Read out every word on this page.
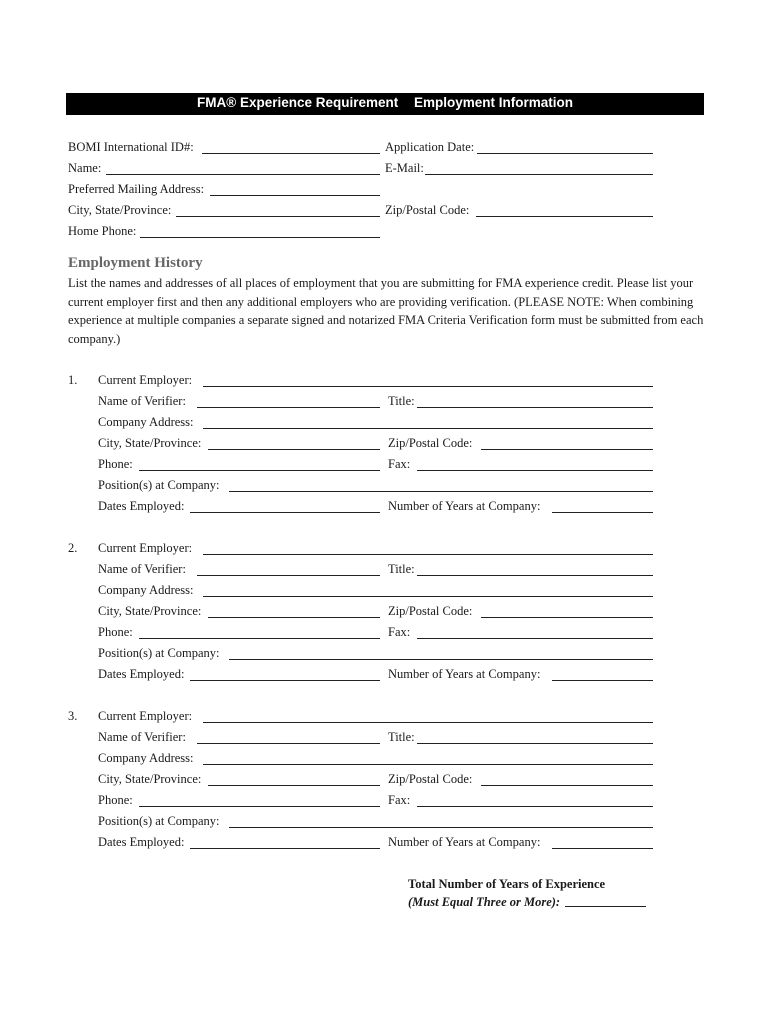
FMA® Experience Requirement Employment Information
BOMI International ID#:	Application Date:
Name:	E-Mail:
Preferred Mailing Address:
City, State/Province:	Zip/Postal Code:
Home Phone:
Employment History
List the names and addresses of all places of employment that you are submitting for FMA experience credit. Please list your current employer first and then any additional employers who are providing verification. (PLEASE NOTE: When combining experience at multiple companies a separate signed and notarized FMA Criteria Verification form must be submitted from each company.)
1. Current Employer:
Name of Verifier:	Title:
Company Address:
City, State/Province:	Zip/Postal Code:
Phone:	Fax:
Position(s) at Company:
Dates Employed:	Number of Years at Company:
2. Current Employer:
Name of Verifier:	Title:
Company Address:
City, State/Province:	Zip/Postal Code:
Phone:	Fax:
Position(s) at Company:
Dates Employed:	Number of Years at Company:
3. Current Employer:
Name of Verifier:	Title:
Company Address:
City, State/Province:	Zip/Postal Code:
Phone:	Fax:
Position(s) at Company:
Dates Employed:	Number of Years at Company:
Total Number of Years of Experience
(Must Equal Three or More):
